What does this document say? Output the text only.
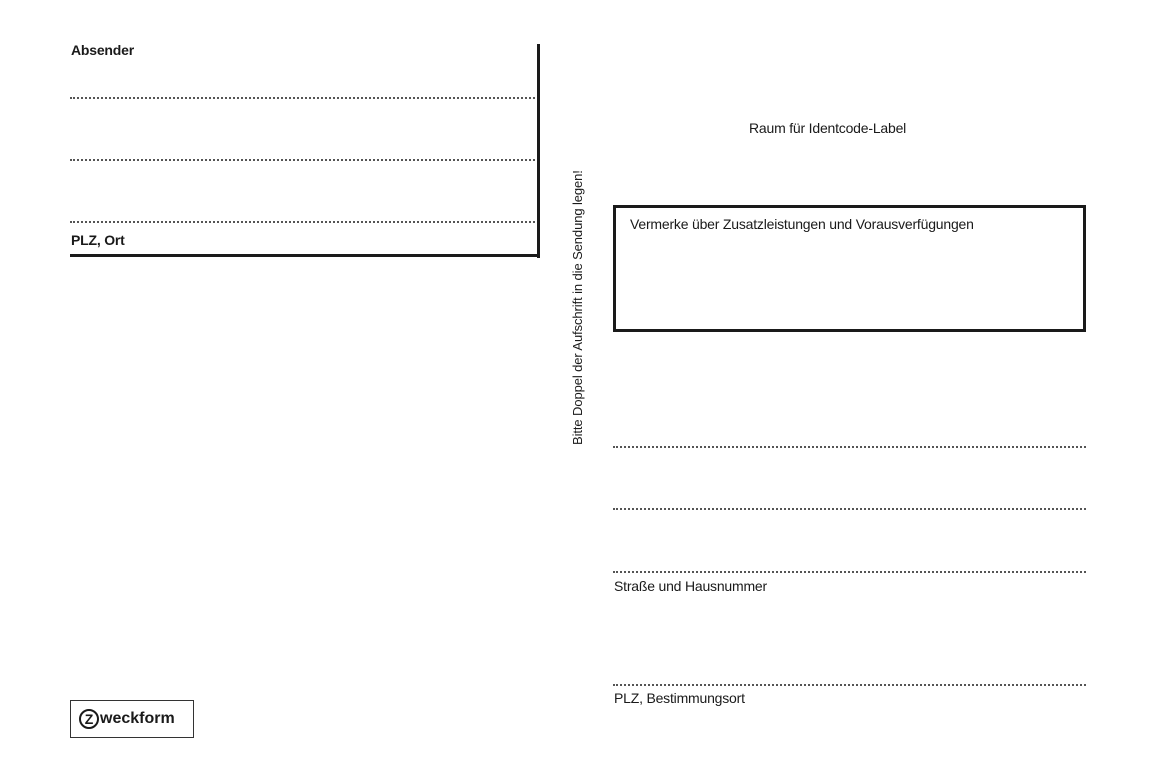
Absender
PLZ, Ort	Bitte Doppel der Aufschrift in die Sendung legen!
Raum für Identcode-Label
Vermerke über Zusatzleistungen und Vorausverfügungen
Straße und Hausnummer
PLZ, Bestimmungsort
Z weckform
